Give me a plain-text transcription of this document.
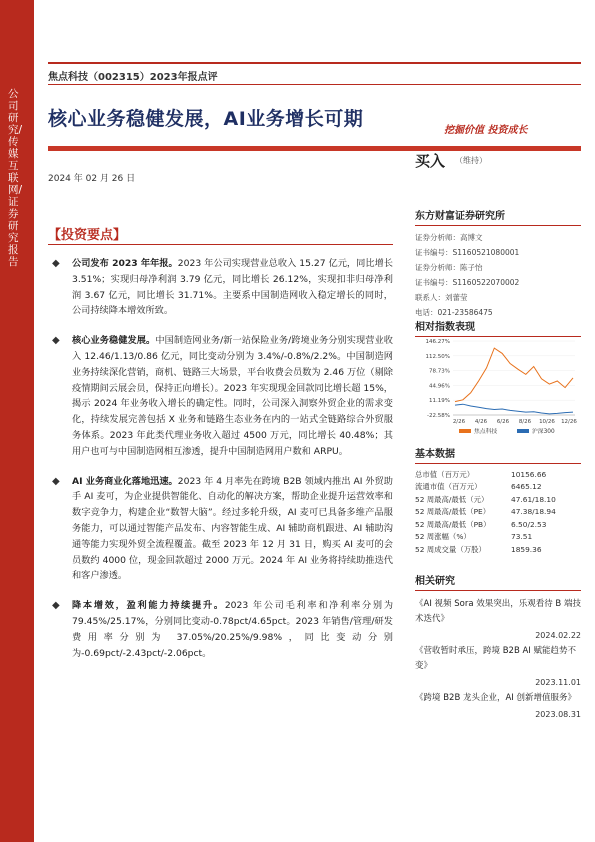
公司研究/传媒互联网/证券研究报告
焦点科技（002315）2023年报点评
核心业务稳健发展，AI业务增长可期
挖掘价值 投资成长
2024 年 02 月 26 日
买入 （维持）
【投资要点】
◆ 公司发布 2023 年年报。2023 年公司实现营业总收入 15.27 亿元，同比增长 3.51%；实现归母净利润 3.79 亿元，同比增长 26.12%，实现扣非归母净利润 3.67 亿元，同比增长 31.71%。主要系中国制造网收入稳定增长的同时，公司持续降本增效所致。
◆ 核心业务稳健发展。中国制造网业务/新一站保险业务/跨境业务分别实现营业收入 12.46/1.13/0.86 亿元，同比变动分别为 3.4%/-0.8%/2.2%。中国制造网业务持续深化营销，商机、链路三大场景，平台收费会员数为 2.46 万位（剔除疫情期间云展会员，保持正向增长）。2023 年实现现金回款同比增长超 15%，揭示 2024 年业务收入增长的确定性。同时，公司深入洞察外贸企业的需求变化，持续发展完善包括 X 业务和链路生态业务在内的一站式全链路综合外贸服务体系。2023 年此类代理业务收入超过 4500 万元，同比增长 40.48%；其用户也可与中国制造网相互渗透，提升中国制造网用户数和 ARPU。
◆ AI 业务商业化落地迅速。2023 年 4 月率先在跨境 B2B 领域内推出 AI 外贸助手 AI 麦可，为企业提供智能化、自动化的解决方案，帮助企业提升运营效率和数字竞争力，构建企业“数智大脑”。经过多轮升级，AI 麦可已具备多维产品服务能力，可以通过智能产品发布、内容智能生成、AI 辅助商机跟进、AI 辅助沟通等能力实现外贸全流程覆盖。截至 2023 年 12 月 31 日，购买 AI 麦可的会员数约 4000 位，现金回款超过 2000 万元。2024 年 AI 业务将持续助推迭代和客户渗透。
◆ 降本增效，盈利能力持续提升。2023 年公司毛利率和净利率分别为 79.45%/25.17%，分别同比变动-0.78pct/4.65pct。2023 年销售/管理/研发费用率分别为 37.05%/20.25%/9.98%，同比变动分别为-0.69pct/-2.43pct/-2.06pct。
东方财富证券研究所
证券分析师：高博文
证书编号：S1160521080001
证券分析师：陈子怡
证书编号：S1160522070002
联系人：刘蕾莹
电话：021-23586475
相对指数表现
146.27%
112.50%
78.73%
44.96%
11.19%
-22.58%
2/26 4/26 6/26 8/26 10/26 12/26
焦点科技	沪深300
基本数据
总市值（百万元）	10156.66
流通市值（百万元）	6465.12
52 周最高/最低（元）	47.61/18.10
52 周最高/最低（PE）	47.38/18.94
52 周最高/最低（PB）	6.50/2.53
52 周涨幅（%）	73.51
52 周成交量（万股）	1859.36
相关研究
《AI 视频 Sora 效果突出，乐观看待 B 端技术迭代》
2024.02.22
《营收暂时承压，跨境 B2B AI 赋能趋势不变》
2023.11.01
《跨境 B2B 龙头企业，AI 创新增值服务》
2023.08.31
